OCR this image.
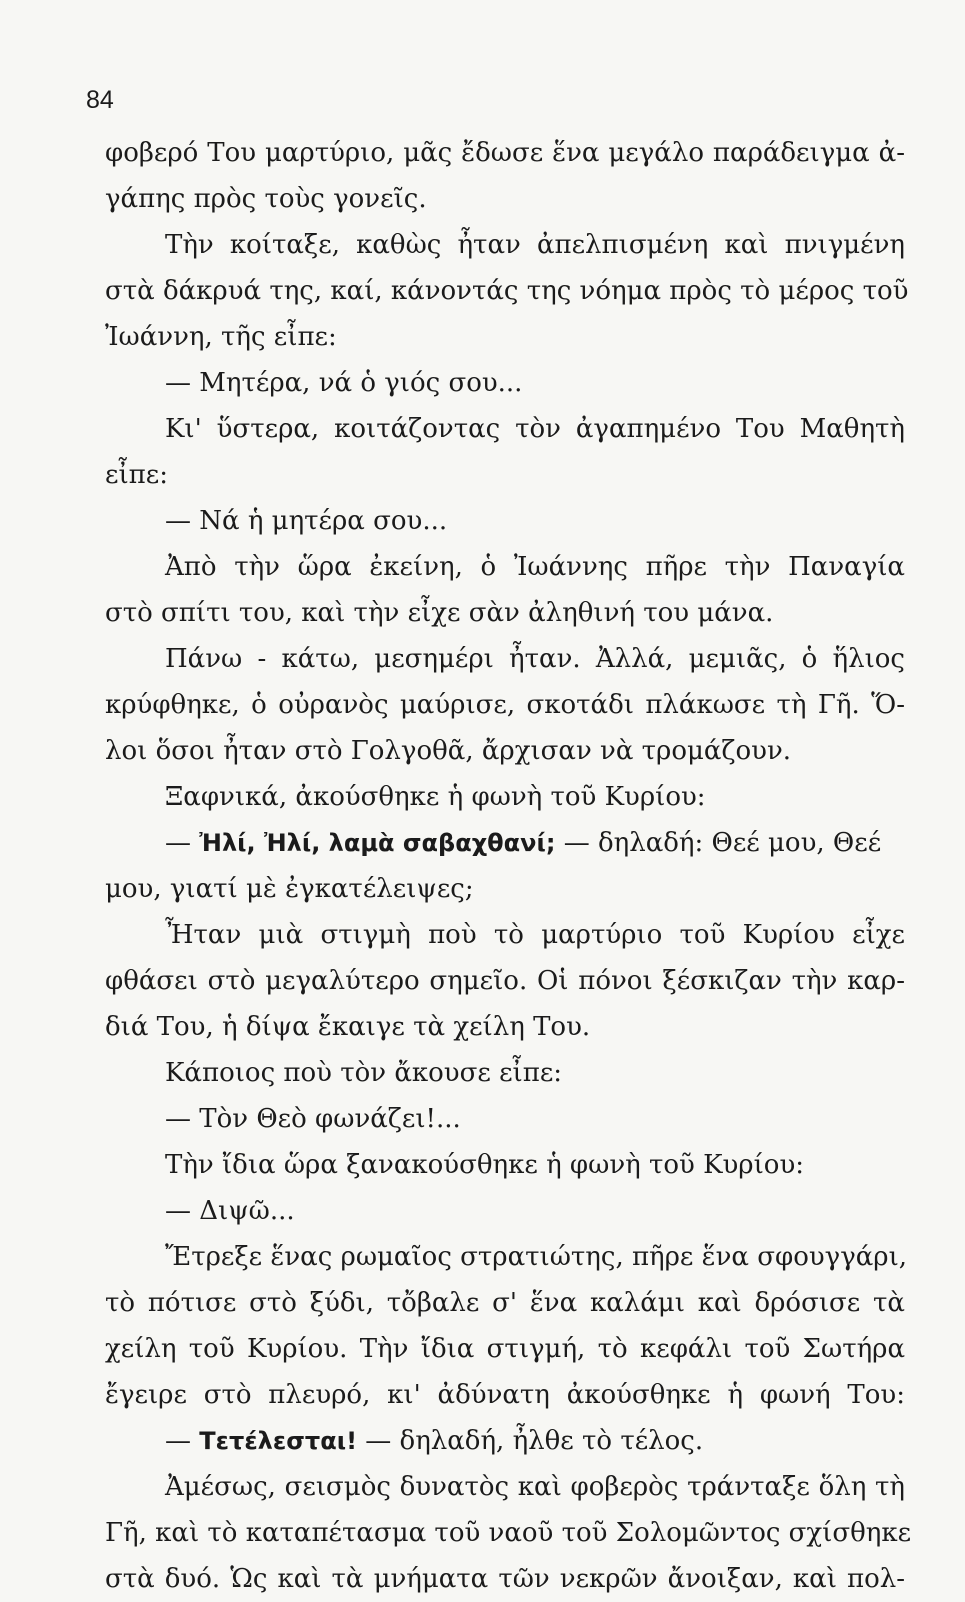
84
φοβερό Του μαρτύριο, μᾶς ἔδωσε ἕνα μεγάλο παράδειγμα ἀ-
γάπης πρὸς τοὺς γονεῖς.
Τὴν κοίταξε, καθὼς ἦταν ἀπελπισμένη καὶ πνιγμένη
στὰ δάκρυά της, καί, κάνοντάς της νόημα πρὸς τὸ μέρος τοῦ
Ἰωάννη, τῆς εἶπε:
— Μητέρα, νά ὁ γιός σου...
Κι' ὕστερα, κοιτάζοντας τὸν ἀγαπημένο Του Μαθητὴ
εἶπε:
— Νά ἡ μητέρα σου...
Ἀπὸ τὴν ὥρα ἐκείνη, ὁ Ἰωάννης πῆρε τὴν Παναγία
στὸ σπίτι του, καὶ τὴν εἶχε σὰν ἀληθινή του μάνα.
Πάνω - κάτω, μεσημέρι ἦταν. Ἀλλά, μεμιᾶς, ὁ ἥλιος
κρύφθηκε, ὁ οὐρανὸς μαύρισε, σκοτάδι πλάκωσε τὴ Γῆ. Ὅ-
λοι ὅσοι ἦταν στὸ Γολγοθᾶ, ἄρχισαν νὰ τρομάζουν.
Ξαφνικά, ἀκούσθηκε ἡ φωνὴ τοῦ Κυρίου:
— Ἠλί, Ἠλί, λαμὰ σαβαχθανί; — δηλαδή: Θεέ μου, Θεέ
μου, γιατί μὲ ἐγκατέλειψες;
Ἦταν μιὰ στιγμὴ ποὺ τὸ μαρτύριο τοῦ Κυρίου εἶχε
φθάσει στὸ μεγαλύτερο σημεῖο. Οἱ πόνοι ξέσκιζαν τὴν καρ-
διά Του, ἡ δίψα ἔκαιγε τὰ χείλη Του.
Κάποιος ποὺ τὸν ἄκουσε εἶπε:
— Τὸν Θεὸ φωνάζει!...
Τὴν ἴδια ὥρα ξανακούσθηκε ἡ φωνὴ τοῦ Κυρίου:
— Διψῶ...
Ἔτρεξε ἕνας ρωμαῖος στρατιώτης, πῆρε ἕνα σφουγγάρι,
τὸ πότισε στὸ ξύδι, τὄβαλε σ' ἕνα καλάμι καὶ δρόσισε τὰ
χείλη τοῦ Κυρίου. Τὴν ἴδια στιγμή, τὸ κεφάλι τοῦ Σωτήρα
ἔγειρε στὸ πλευρό, κι' ἀδύνατη ἀκούσθηκε ἡ φωνή Του:
— Τετέλεσται! — δηλαδή, ἦλθε τὸ τέλος.
Ἀμέσως, σεισμὸς δυνατὸς καὶ φοβερὸς τράνταξε ὅλη τὴ
Γῆ, καὶ τὸ καταπέτασμα τοῦ ναοῦ τοῦ Σολομῶντος σχίσθηκε
στὰ δυό. Ὡς καὶ τὰ μνήματα τῶν νεκρῶν ἄνοιξαν, καὶ πολ-
